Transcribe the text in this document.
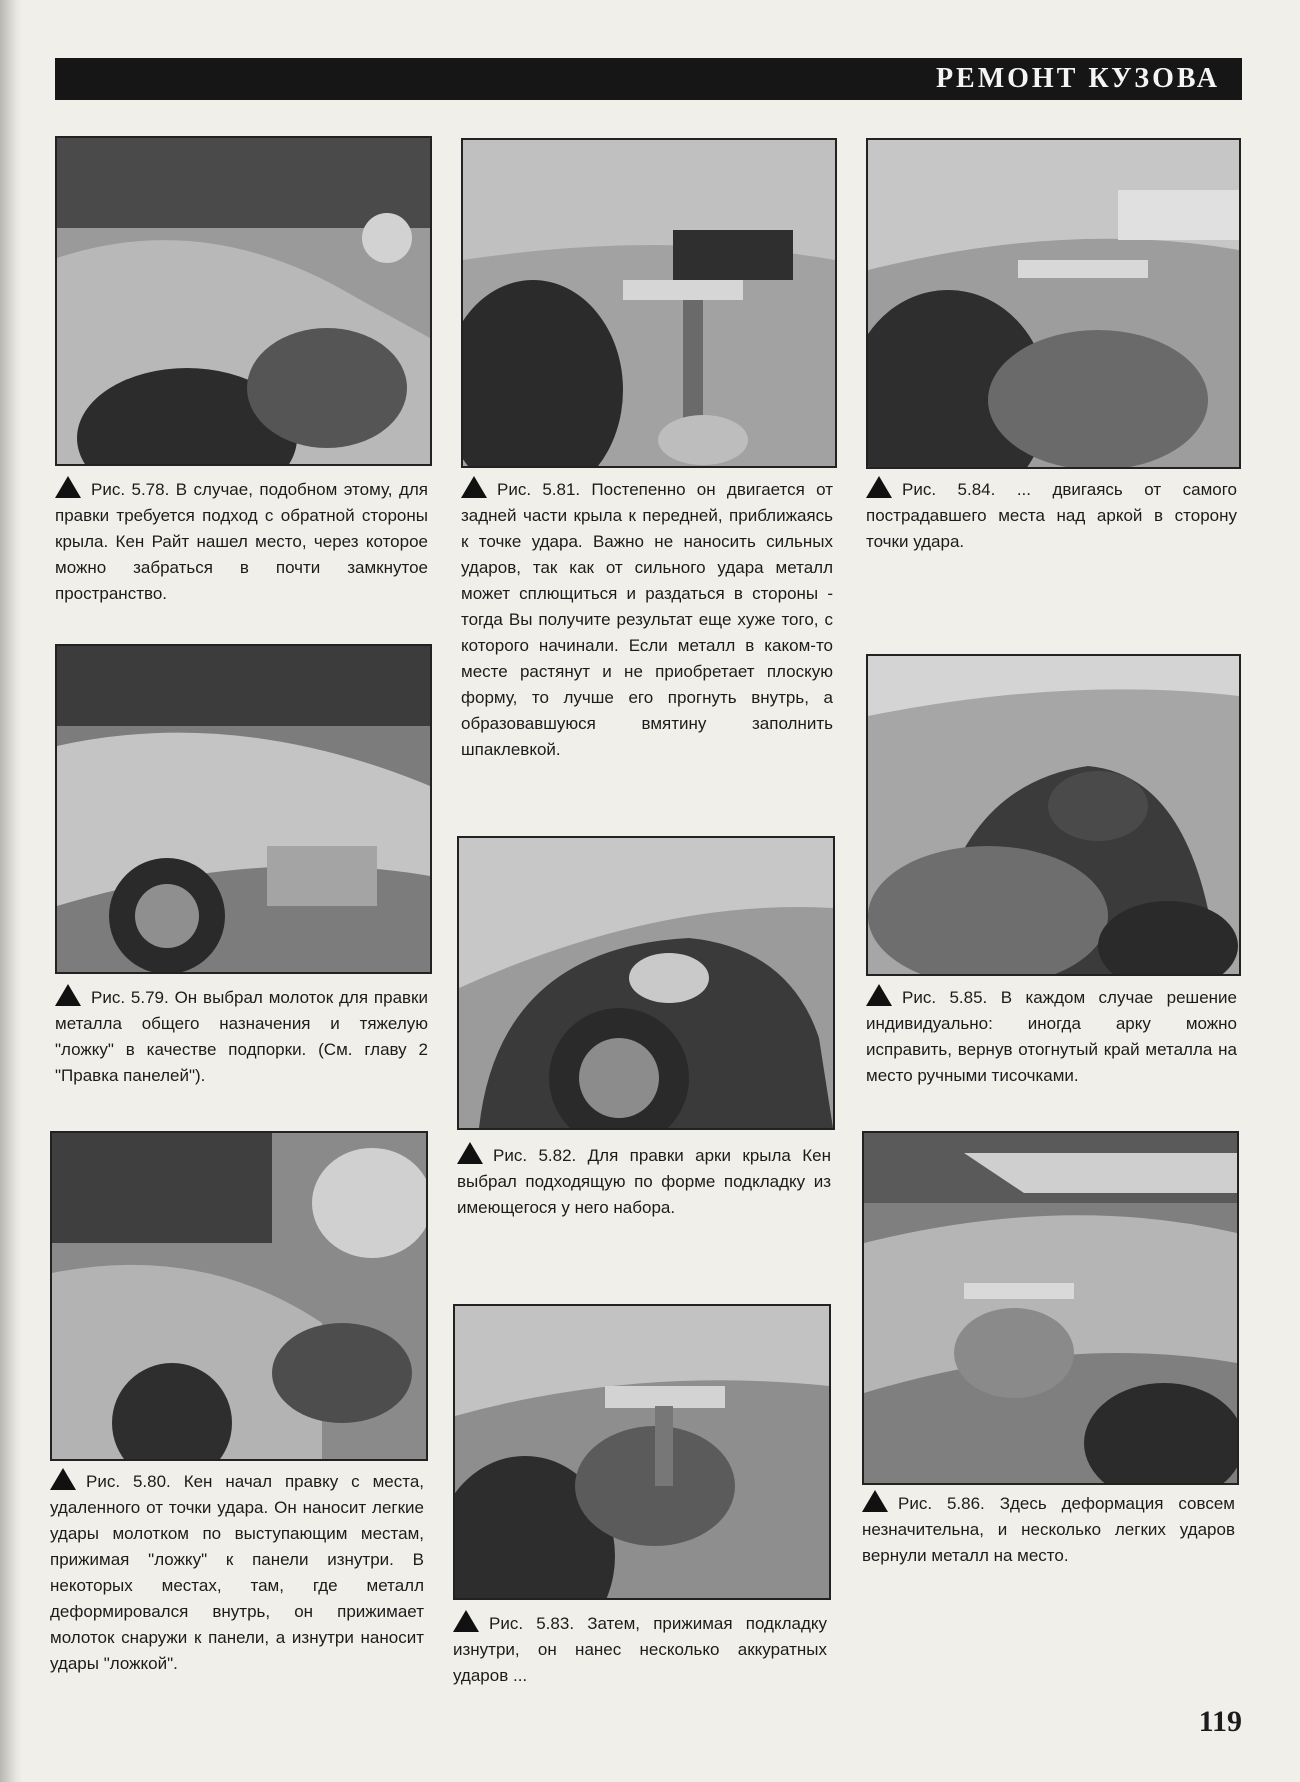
РЕМОНТ КУЗОВА

Рис. 5.78. В случае, подобном этому, для правки требуется подход с обратной стороны крыла. Кен Райт нашел место, через которое можно забраться в почти замкнутое пространство.

Рис. 5.79. Он выбрал молоток для правки металла общего назначения и тяжелую "ложку" в качестве подпорки. (См. главу 2 "Правка панелей").

Рис. 5.80. Кен начал правку с места, удаленного от точки удара. Он наносит легкие удары молотком по выступающим местам, прижимая "ложку" к панели изнутри. В некоторых местах, там, где металл деформировался внутрь, он прижимает молоток снаружи к панели, а изнутри наносит удары "ложкой".

Рис. 5.81. Постепенно он двигается от задней части крыла к передней, приближаясь к точке удара. Важно не наносить сильных ударов, так как от сильного удара металл может сплющиться и раздаться в стороны - тогда Вы получите результат еще хуже того, с которого начинали. Если металл в каком-то месте растянут и не приобретает плоскую форму, то лучше его прогнуть внутрь, а образовавшуюся вмятину заполнить шпаклевкой.

Рис. 5.82. Для правки арки крыла Кен выбрал подходящую по форме подкладку из имеющегося у него набора.

Рис. 5.83. Затем, прижимая подкладку изнутри, он нанес несколько аккуратных ударов ...

Рис. 5.84. ... двигаясь от самого пострадавшего места над аркой в сторону точки удара.

Рис. 5.85. В каждом случае решение индивидуально: иногда арку можно исправить, вернув отогнутый край металла на место ручными тисочками.

Рис. 5.86. Здесь деформация совсем незначительна, и несколько легких ударов вернули металл на место.

119
